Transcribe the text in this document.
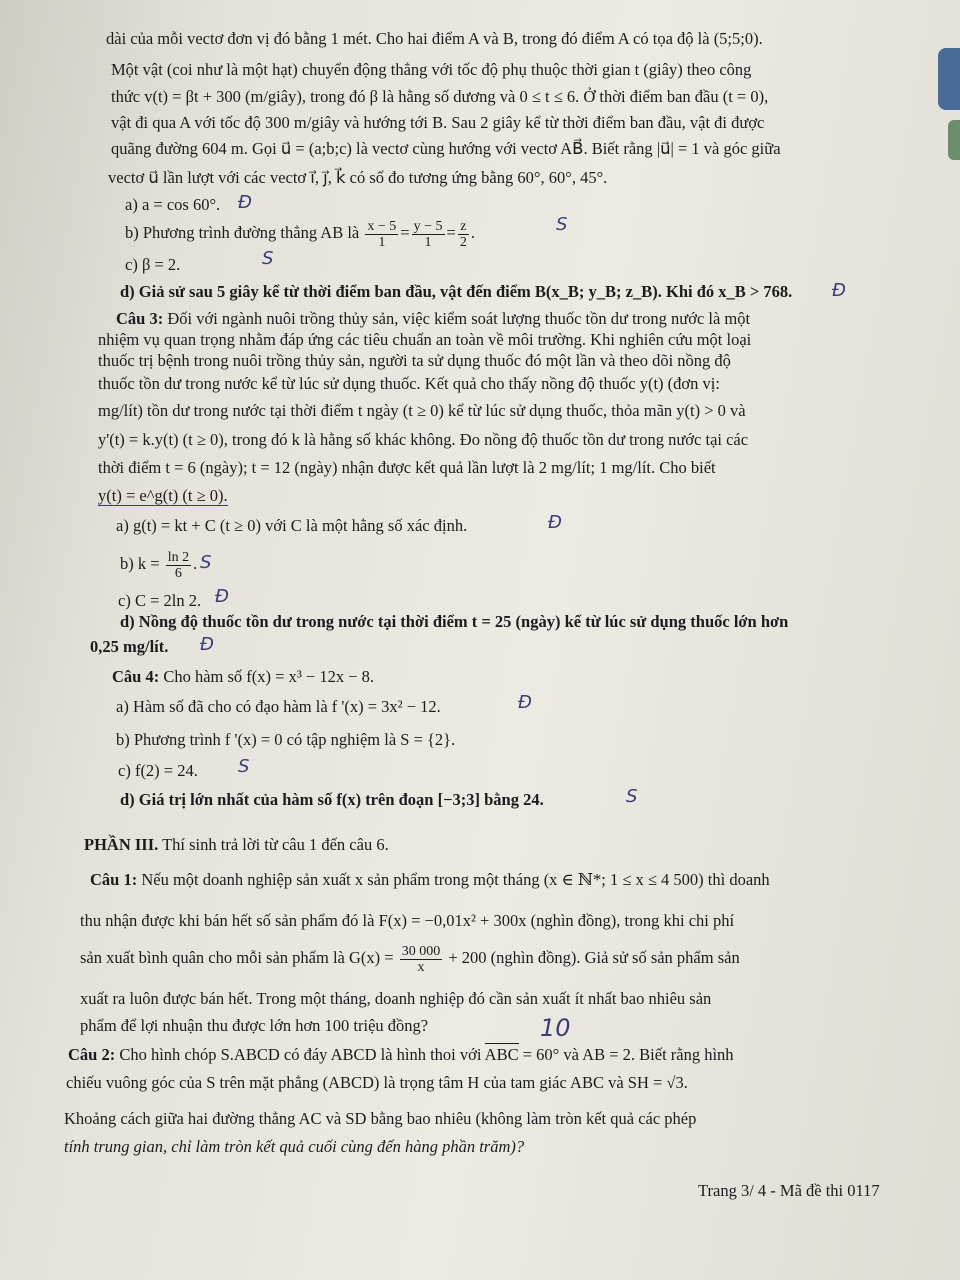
dài của mỗi vectơ đơn vị đó bằng 1 mét. Cho hai điểm A và B, trong đó điểm A có tọa độ là (5;5;0).
Một vật (coi như là một hạt) chuyển động thẳng với tốc độ phụ thuộc thời gian t (giây) theo công
thức v(t) = βt + 300 (m/giây), trong đó β là hằng số dương và 0 ≤ t ≤ 6. Ở thời điểm ban đầu (t = 0),
vật đi qua A với tốc độ 300 m/giây và hướng tới B. Sau 2 giây kể từ thời điểm ban đầu, vật đi được
quãng đường 604 m. Gọi u⃗ = (a;b;c) là vectơ cùng hướng với vectơ AB⃗. Biết rằng |u⃗| = 1 và góc giữa
vectơ u⃗ lần lượt với các vectơ i⃗, j⃗, k⃗ có số đo tương ứng bằng 60°, 60°, 45°.
a) a = cos 60°. Đ
b) Phương trình đường thẳng AB là $\frac{x - 5}{1} = \frac{y - 5}{1} = \frac{z}{2}$ .	S
c) β = 2.	S
d) Giả sử sau 5 giây kể từ thời điểm ban đầu, vật đến điểm B(x_B; y_B; z_B). Khi đó x_B > 768. Đ
Câu 3: Đối với ngành nuôi trồng thủy sản, việc kiểm soát lượng thuốc tồn dư trong nước là một
nhiệm vụ quan trọng nhằm đáp ứng các tiêu chuẩn an toàn về môi trường. Khi nghiên cứu một loại
thuốc trị bệnh trong nuôi trồng thủy sản, người ta sử dụng thuốc đó một lần và theo dõi nồng độ
thuốc tồn dư trong nước kể từ lúc sử dụng thuốc. Kết quả cho thấy nồng độ thuốc y(t) (đơn vị:
mg/lít) tồn dư trong nước tại thời điểm t ngày (t ≥ 0) kể từ lúc sử dụng thuốc, thỏa mãn y(t) > 0 và
y'(t) = k.y(t) (t ≥ 0), trong đó k là hằng số khác không. Đo nồng độ thuốc tồn dư trong nước tại các
thời điểm t = 6 (ngày); t = 12 (ngày) nhận được kết quả lần lượt là 2 mg/lít; 1 mg/lít. Cho biết
y(t) = e^g(t) (t ≥ 0).
a) g(t) = kt + C (t ≥ 0) với C là một hằng số xác định.	Đ
b) $k = \frac{\ln 2}{6}$ . S
c) C = 2ln 2. Đ
d) Nồng độ thuốc tồn dư trong nước tại thời điểm t = 25 (ngày) kể từ lúc sử dụng thuốc lớn hơn
0,25 mg/lít. Đ
Câu 4: Cho hàm số f(x) = x³ − 12x − 8.
a) Hàm số đã cho có đạo hàm là f '(x) = 3x² − 12.	Đ
b) Phương trình f '(x) = 0 có tập nghiệm là S = {2}.
c) f(2) = 24. S
d) Giá trị lớn nhất của hàm số f(x) trên đoạn [−3;3] bằng 24.	S
PHẦN III. Thí sinh trả lời từ câu 1 đến câu 6.
Câu 1: Nếu một doanh nghiệp sản xuất x sản phẩm trong một tháng (x ∈ ℕ*; 1 ≤ x ≤ 4 500) thì doanh
thu nhận được khi bán hết số sản phẩm đó là F(x) = −0,01x² + 300x (nghìn đồng), trong khi chi phí
sản xuất bình quân cho mỗi sản phẩm là $G(x) = \frac{30 000}{x} + 200$ (nghìn đồng). Giả sử số sản phẩm sản
xuất ra luôn được bán hết. Trong một tháng, doanh nghiệp đó cần sản xuất ít nhất bao nhiêu sản
phẩm để lợi nhuận thu được lớn hơn 100 triệu đồng?	10
Câu 2: Cho hình chóp S.ABCD có đáy ABCD là hình thoi với ABC = 60° và AB = 2. Biết rằng hình
chiếu vuông góc của S trên mặt phẳng (ABCD) là trọng tâm H của tam giác ABC và SH = √3.
Khoảng cách giữa hai đường thẳng AC và SD bằng bao nhiêu (không làm tròn kết quả các phép
tính trung gian, chỉ làm tròn kết quả cuối cùng đến hàng phần trăm)?
Trang 3/ 4 - Mã đề thi 0117
